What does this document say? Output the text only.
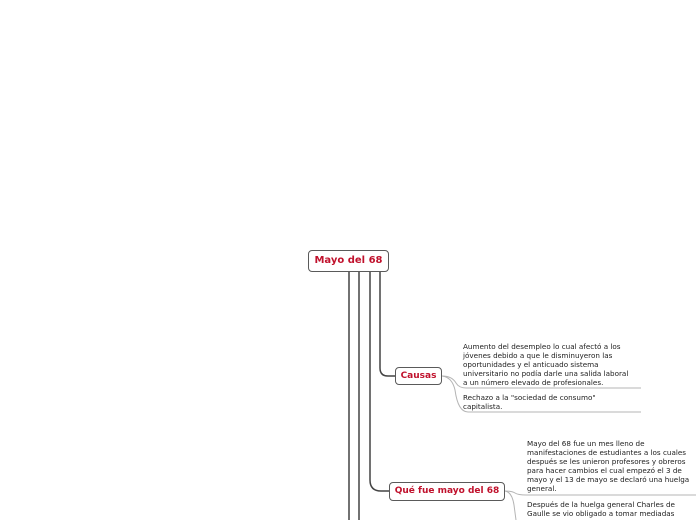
Mayo del 68
Causas
Aumento del desempleo lo cual afectó a los
jóvenes debido a que le disminuyeron las
oportunidades y el anticuado sistema
universitario no podía darle una salida laboral
a un número elevado de profesionales.
Rechazo a la "sociedad de consumo"
capitalista.
Qué fue mayo del 68
Mayo del 68 fue un mes lleno de
manifestaciones de estudiantes a los cuales
después se les unieron profesores y obreros
para hacer cambios el cual empezó el 3 de
mayo y el 13 de mayo se declaró una huelga
general.
Después de la huelga general Charles de
Gaulle se vio obligado a tomar mediadas
